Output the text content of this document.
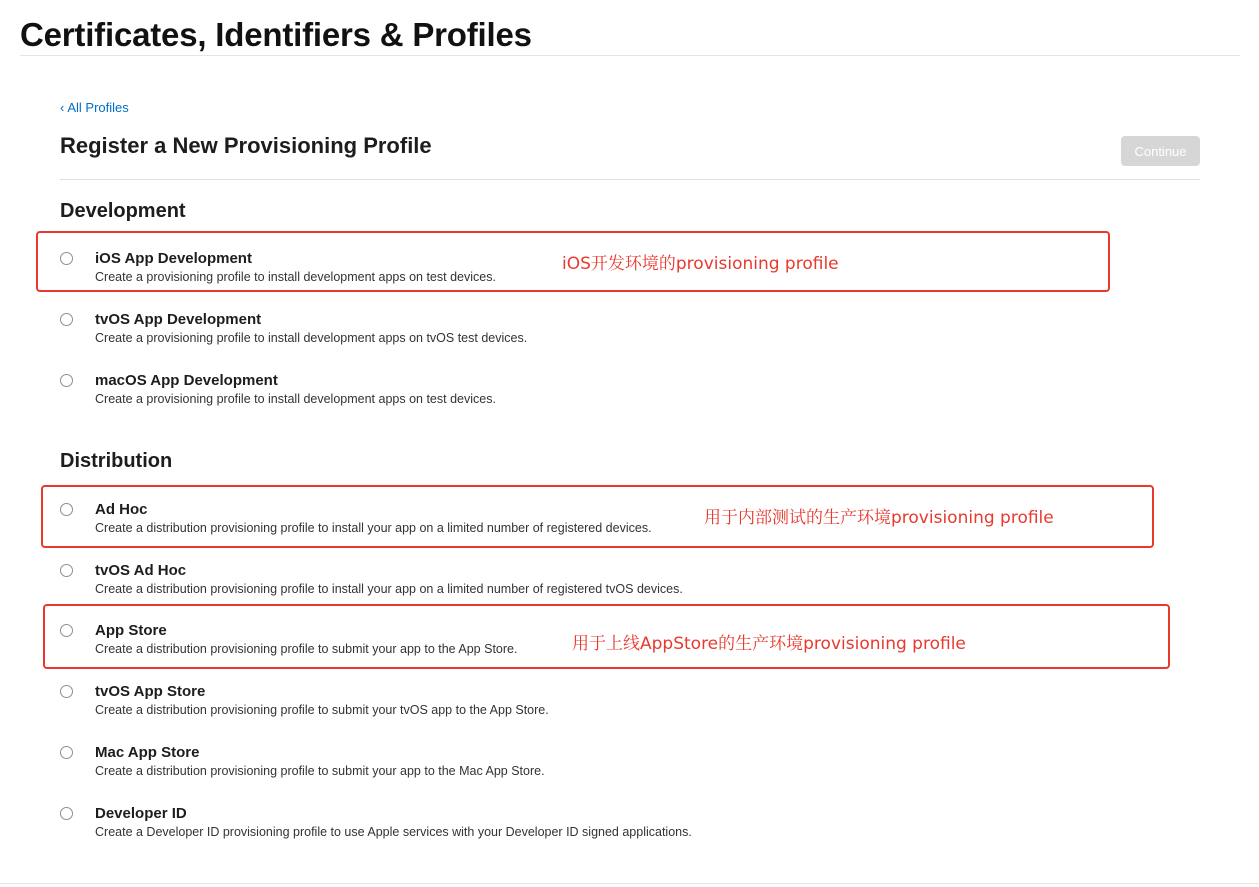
Certificates, Identifiers & Profiles
‹ All Profiles
Register a New Provisioning Profile	Continue
Development
iOS App Development
Create a provisioning profile to install development apps on test devices.
tvOS App Development
Create a provisioning profile to install development apps on tvOS test devices.
macOS App Development
Create a provisioning profile to install development apps on test devices.
Distribution
Ad Hoc
Create a distribution provisioning profile to install your app on a limited number of registered devices.
tvOS Ad Hoc
Create a distribution provisioning profile to install your app on a limited number of registered tvOS devices.
App Store
Create a distribution provisioning profile to submit your app to the App Store.
tvOS App Store
Create a distribution provisioning profile to submit your tvOS app to the App Store.
Mac App Store
Create a distribution provisioning profile to submit your app to the Mac App Store.
Developer ID
Create a Developer ID provisioning profile to use Apple services with your Developer ID signed applications.
iOS开发环境的provisioning profile
用于内部测试的生产环境provisioning profile
用于上线AppStore的生产环境provisioning profile
